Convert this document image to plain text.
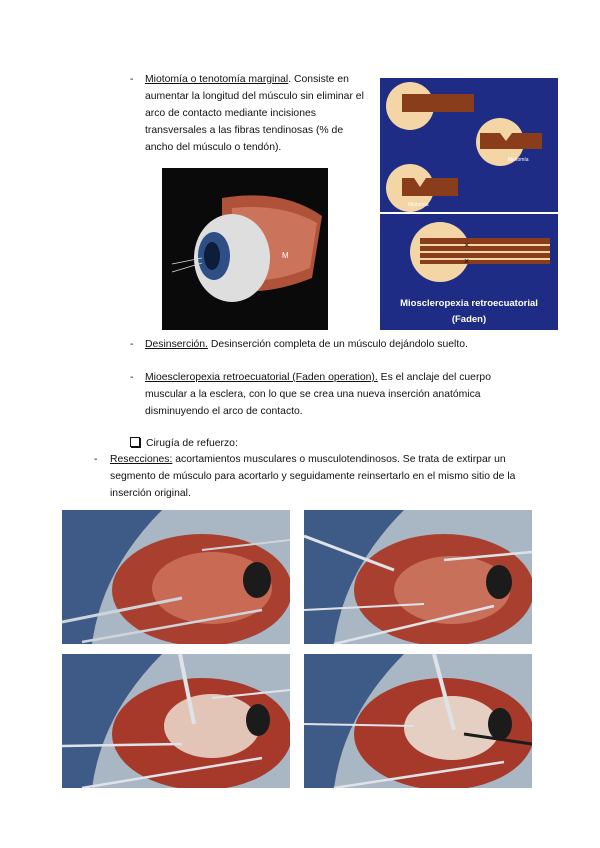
- Miotomía o tenotomía marginal. Consiste en aumentar la longitud del músculo sin eliminar el arco de contacto mediante incisiones transversales a las fibras tendinosas (% de ancho del músculo o tendón).
Miotomía
Miotomía
×
×
Mioscleropexia retroecuatorial
(Faden)
M
- Desinserción. Desinserción completa de un músculo dejándolo suelto.
- Mioescleropexia retroecuatorial (Faden operation). Es el anclaje del cuerpo muscular a la esclera, con lo que se crea una nueva inserción anatómica disminuyendo el arco de contacto.
Cirugía de refuerzo:
- Resecciones: acortamientos musculares o musculotendinosos. Se trata de extirpar un segmento de músculo para acortarlo y seguidamente reinsertarlo en el mismo sitio de la inserción original.
